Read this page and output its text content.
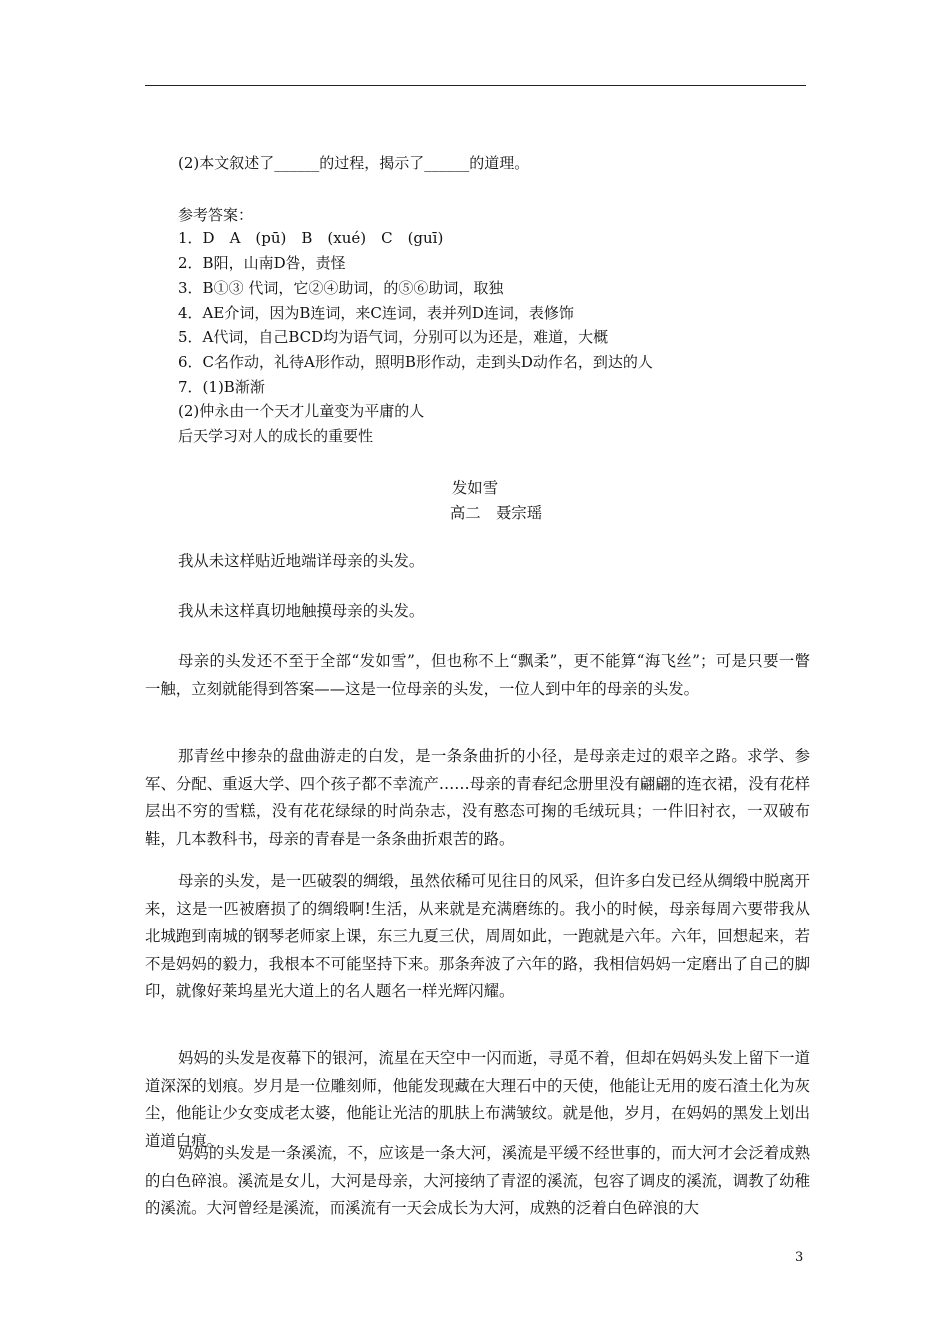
(2)本文叙述了______的过程，揭示了______的道理。
参考答案：
1．D　A　(pū)　B　(xué)　C　(guī)
2．B阳，山南D咎，责怪
3．B①③ 代词，它②④助词，的⑤⑥助词，取独
4．AE介词，因为B连词，来C连词，表并列D连词，表修饰
5．A代词，自己BCD均为语气词，分别可以为还是，难道，大概
6．C名作动，礼待A形作动，照明B形作动，走到头D动作名，到达的人
7．(1)B渐渐
(2)仲永由一个天才儿童变为平庸的人
后天学习对人的成长的重要性
发如雪
高二　聂宗瑶
我从未这样贴近地端详母亲的头发。
我从未这样真切地触摸母亲的头发。
母亲的头发还不至于全部“发如雪”，但也称不上“飘柔”，更不能算“海飞丝”；可是只要一瞥一触，立刻就能得到答案——这是一位母亲的头发，一位人到中年的母亲的头发。
那青丝中掺杂的盘曲游走的白发，是一条条曲折的小径，是母亲走过的艰辛之路。求学、参军、分配、重返大学、四个孩子都不幸流产……母亲的青春纪念册里没有翩翩的连衣裙，没有花样层出不穷的雪糕，没有花花绿绿的时尚杂志，没有憨态可掬的毛绒玩具；一件旧衬衣，一双破布鞋，几本教科书，母亲的青春是一条条曲折艰苦的路。
母亲的头发，是一匹破裂的绸缎，虽然依稀可见往日的风采，但许多白发已经从绸缎中脱离开来，这是一匹被磨损了的绸缎啊!生活，从来就是充满磨练的。我小的时候，母亲每周六要带我从北城跑到南城的钢琴老师家上课，东三九夏三伏，周周如此，一跑就是六年。六年，回想起来，若不是妈妈的毅力，我根本不可能坚持下来。那条奔波了六年的路，我相信妈妈一定磨出了自己的脚印，就像好莱坞星光大道上的名人题名一样光辉闪耀。
妈妈的头发是夜幕下的银河，流星在天空中一闪而逝，寻觅不着，但却在妈妈头发上留下一道道深深的划痕。岁月是一位雕刻师，他能发现藏在大理石中的天使，他能让无用的废石渣土化为灰尘，他能让少女变成老太婆，他能让光洁的肌肤上布满皱纹。就是他，岁月，在妈妈的黑发上划出道道白痕。
妈妈的头发是一条溪流，不，应该是一条大河，溪流是平缓不经世事的，而大河才会泛着成熟的白色碎浪。溪流是女儿，大河是母亲，大河接纳了青涩的溪流，包容了调皮的溪流，调教了幼稚的溪流。大河曾经是溪流，而溪流有一天会成长为大河，成熟的泛着白色碎浪的大
3
